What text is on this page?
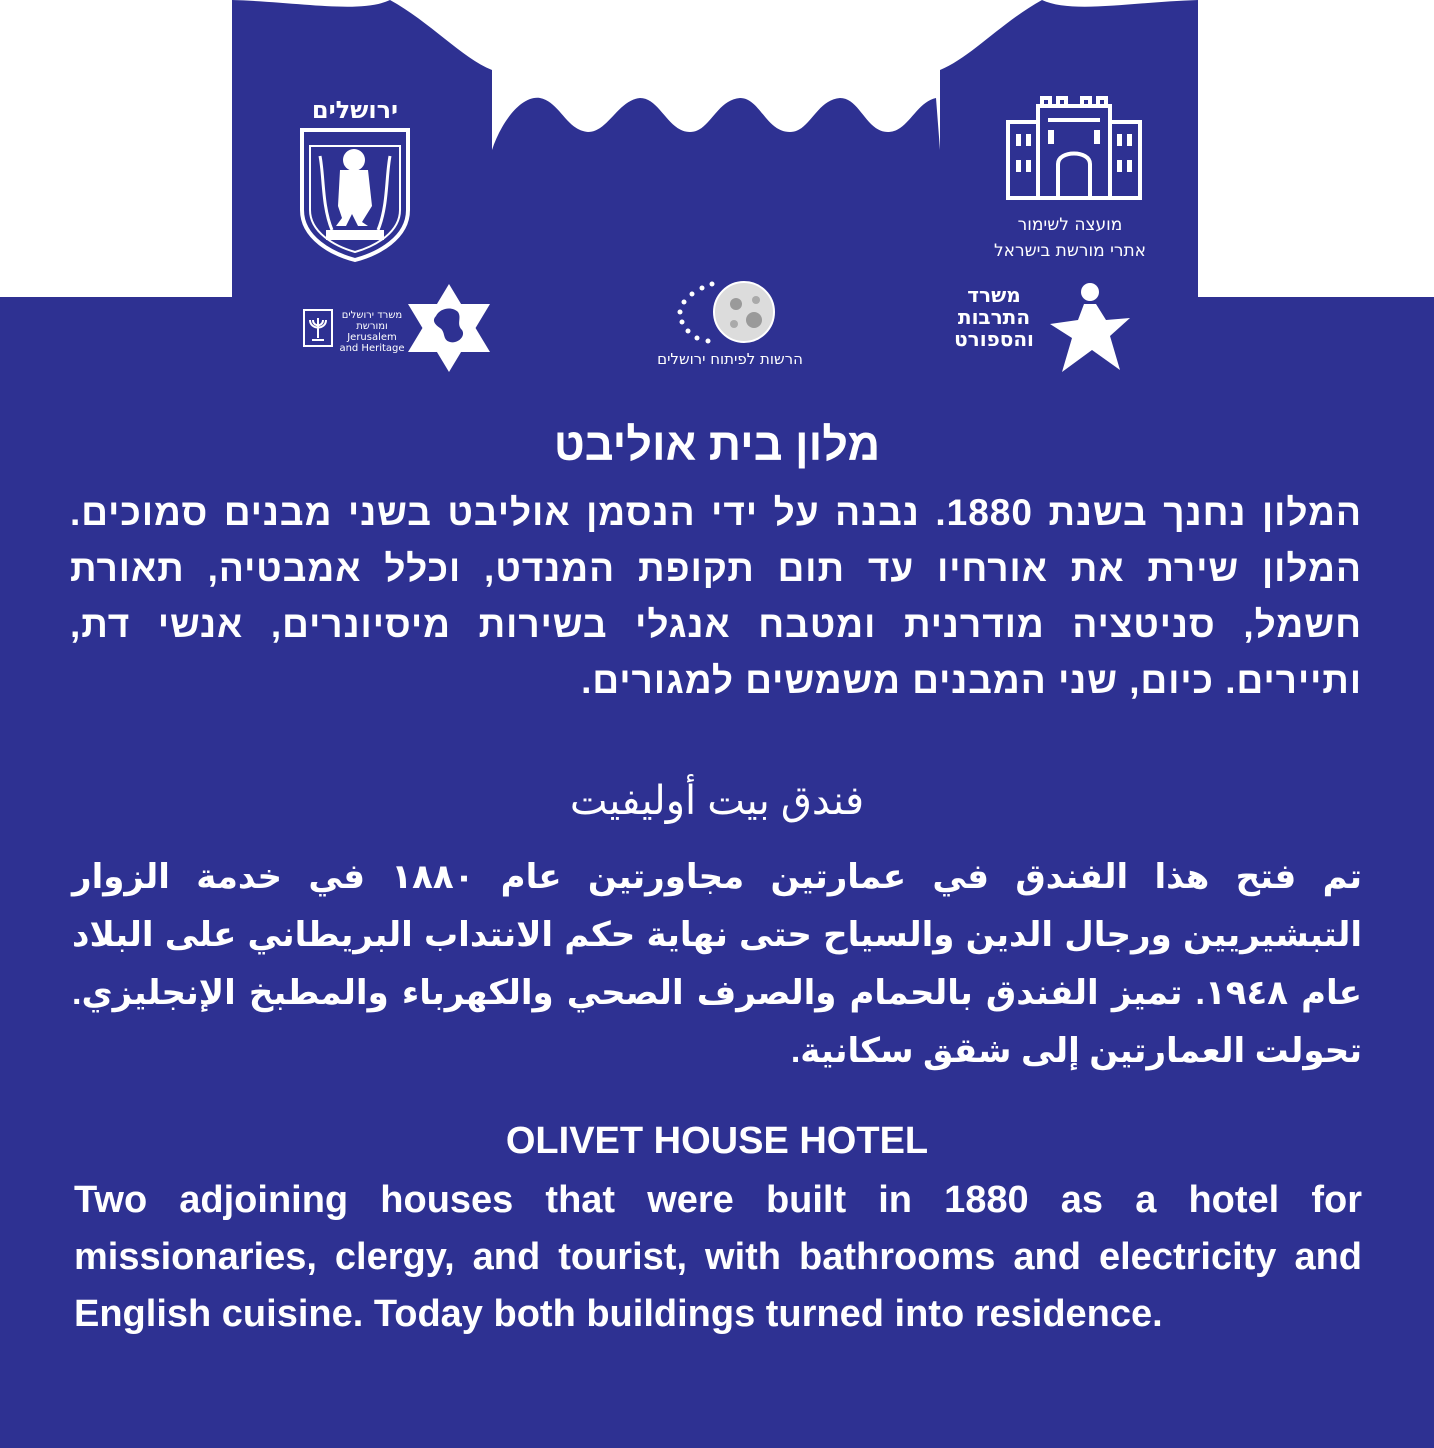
ירושלים
מועצה לשימור
אתרי מורשת בישראל
משרד ירושלים
ומורשת
Jerusalem
and Heritage
הרשות לפיתוח ירושלים
משרד
התרבות
והספורט
מלון בית אוליבט
המלון נחנך בשנת 1880. נבנה על ידי הנסמן אוליבט בשני מבנים סמוכים. המלון שירת את אורחיו עד תום תקופת המנדט, וכלל אמבטיה, תאורת חשמל, סניטציה מודרנית ומטבח אנגלי בשירות מיסיונרים, אנשי דת, ותיירים. כיום, שני המבנים משמשים למגורים.
فندق بيت أوليفيت
تم فتح هذا الفندق في عمارتين مجاورتين عام ١٨٨٠ في خدمة الزوار التبشيريين ورجال الدين والسياح حتى نهاية حكم الانتداب البريطاني على البلاد عام ١٩٤٨. تميز الفندق بالحمام والصرف الصحي والكهرباء والمطبخ الإنجليزي. تحولت العمارتين إلى شقق سكانية.
OLIVET HOUSE HOTEL
Two adjoining houses that were built in 1880 as a hotel for missionaries, clergy, and tourist, with bathrooms and electricity and English cuisine. Today both buildings turned into residence.
